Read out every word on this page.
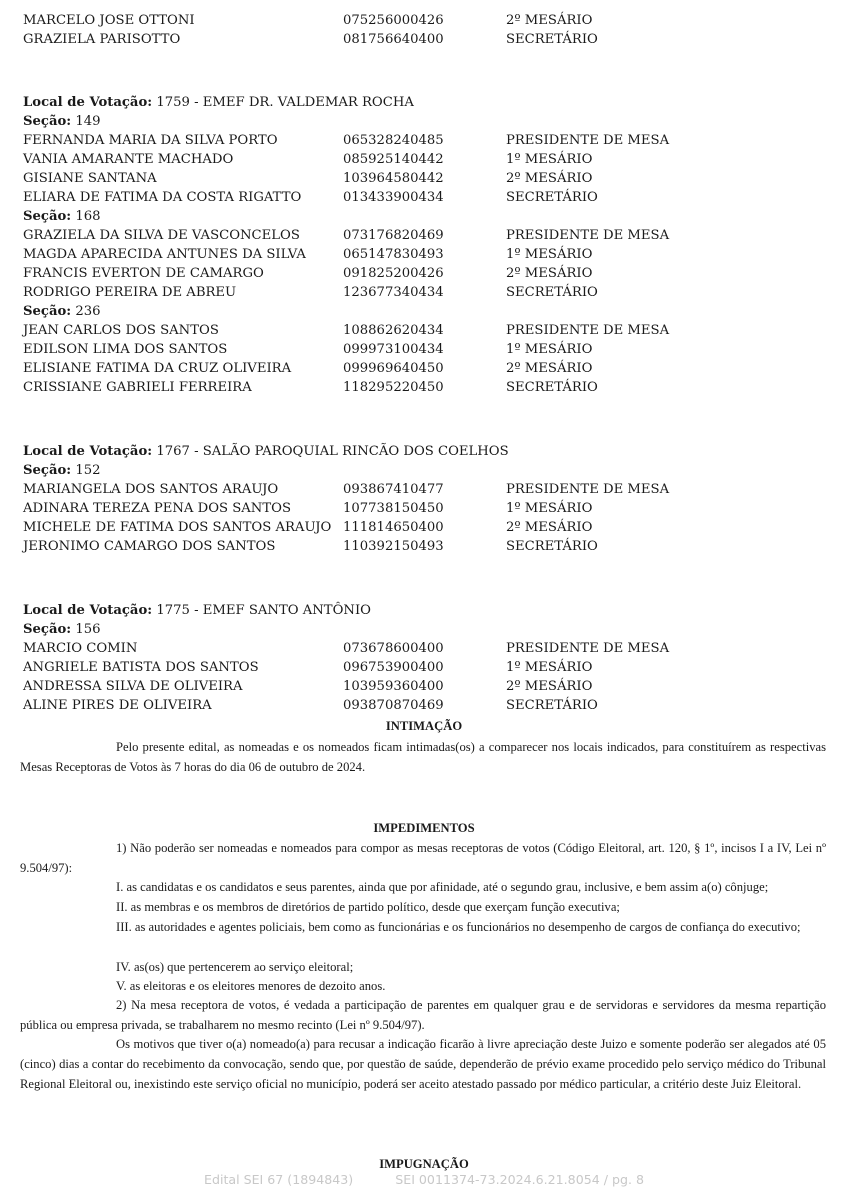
MARCELO JOSE OTTONI	075256000426	2º MESÁRIO
GRAZIELA PARISOTTO	081756640400	SECRETÁRIO
Local de Votação: 1759 - EMEF DR. VALDEMAR ROCHA
Seção: 149
FERNANDA MARIA DA SILVA PORTO	065328240485	PRESIDENTE DE MESA
VANIA AMARANTE MACHADO	085925140442	1º MESÁRIO
GISIANE SANTANA	103964580442	2º MESÁRIO
ELIARA DE FATIMA DA COSTA RIGATTO	013433900434	SECRETÁRIO
Seção: 168
GRAZIELA DA SILVA DE VASCONCELOS	073176820469	PRESIDENTE DE MESA
MAGDA APARECIDA ANTUNES DA SILVA	065147830493	1º MESÁRIO
FRANCIS EVERTON DE CAMARGO	091825200426	2º MESÁRIO
RODRIGO PEREIRA DE ABREU	123677340434	SECRETÁRIO
Seção: 236
JEAN CARLOS DOS SANTOS	108862620434	PRESIDENTE DE MESA
EDILSON LIMA DOS SANTOS	099973100434	1º MESÁRIO
ELISIANE FATIMA DA CRUZ OLIVEIRA	099969640450	2º MESÁRIO
CRISSIANE GABRIELI FERREIRA	118295220450	SECRETÁRIO
Local de Votação: 1767 - SALÃO PAROQUIAL RINCÃO DOS COELHOS
Seção: 152
MARIANGELA DOS SANTOS ARAUJO	093867410477	PRESIDENTE DE MESA
ADINARA TEREZA PENA DOS SANTOS	107738150450	1º MESÁRIO
MICHELE DE FATIMA DOS SANTOS ARAUJO 111814650400	2º MESÁRIO
JERONIMO CAMARGO DOS SANTOS	110392150493	SECRETÁRIO
Local de Votação: 1775 - EMEF SANTO ANTÔNIO
Seção: 156
MARCIO COMIN	073678600400	PRESIDENTE DE MESA
ANGRIELE BATISTA DOS SANTOS	096753900400	1º MESÁRIO
ANDRESSA SILVA DE OLIVEIRA	103959360400	2º MESÁRIO
ALINE PIRES DE OLIVEIRA	093870870469	SECRETÁRIO
INTIMAÇÃO
Pelo presente edital, as nomeadas e os nomeados ficam intimadas(os) a comparecer nos locais indicados, para constituírem as respectivas Mesas Receptoras de Votos às 7 horas do dia 06 de outubro de 2024.
IMPEDIMENTOS
1) Não poderão ser nomeadas e nomeados para compor as mesas receptoras de votos (Código Eleitoral, art. 120, § 1º, incisos I a IV, Lei nº 9.504/97):
I. as candidatas e os candidatos e seus parentes, ainda que por afinidade, até o segundo grau, inclusive, e bem assim a(o) cônjuge;
II. as membras e os membros de diretórios de partido político, desde que exerçam função executiva;
III. as autoridades e agentes policiais, bem como as funcionárias e os funcionários no desempenho de cargos de confiança do executivo;
IV. as(os) que pertencerem ao serviço eleitoral;
V. as eleitoras e os eleitores menores de dezoito anos.
2) Na mesa receptora de votos, é vedada a participação de parentes em qualquer grau e de servidoras e servidores da mesma repartição pública ou empresa privada, se trabalharem no mesmo recinto (Lei nº 9.504/97).
Os motivos que tiver o(a) nomeado(a) para recusar a indicação ficarão à livre apreciação deste Juizo e somente poderão ser alegados até 05 (cinco) dias a contar do recebimento da convocação, sendo que, por questão de saúde, dependerão de prévio exame procedido pelo serviço médico do Tribunal Regional Eleitoral ou, inexistindo este serviço oficial no município, poderá ser aceito atestado passado por médico particular, a critério deste Juiz Eleitoral.
IMPUGNAÇÃO
Edital SEI 67 (1894843)	SEI 0011374-73.2024.6.21.8054 / pg. 8
